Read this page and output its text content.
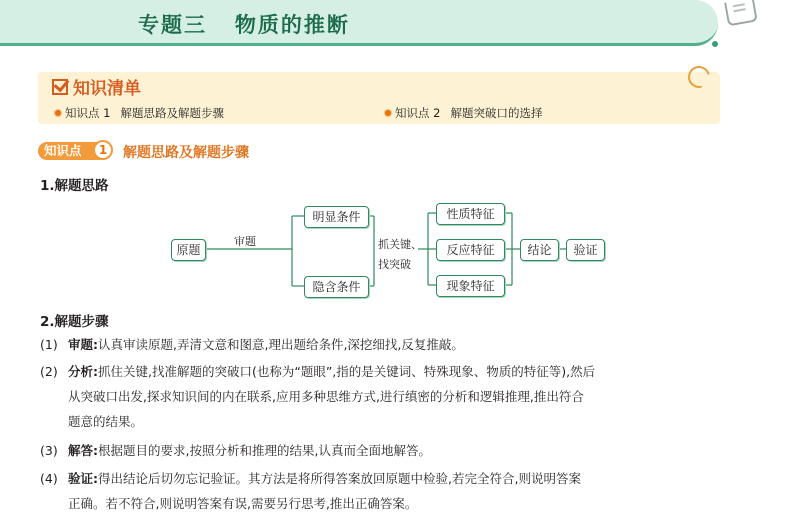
专题三   物质的推断
知识清单
知识点 1 解题思路及解题步骤	知识点 2 解题突破口的选择
知识点	1	解题思路及解题步骤
1.解题思路
原题
审题
明显条件
隐含条件
抓关键、
找突破
性质特征
反应特征
现象特征
结论	验证
2.解题步骤
(1) 审题:认真审读原题,弄清文意和图意,理出题给条件,深挖细找,反复推敲。
(2) 分析:抓住关键,找准解题的突破口(也称为“题眼”,指的是关键词、特殊现象、物质的特征等),然后
从突破口出发,探求知识间的内在联系,应用多种思维方式,进行缜密的分析和逻辑推理,推出符合
题意的结果。
(3) 解答:根据题目的要求,按照分析和推理的结果,认真而全面地解答。
(4) 验证:得出结论后切勿忘记验证。其方法是将所得答案放回原题中检验,若完全符合,则说明答案
正确。若不符合,则说明答案有误,需要另行思考,推出正确答案。
